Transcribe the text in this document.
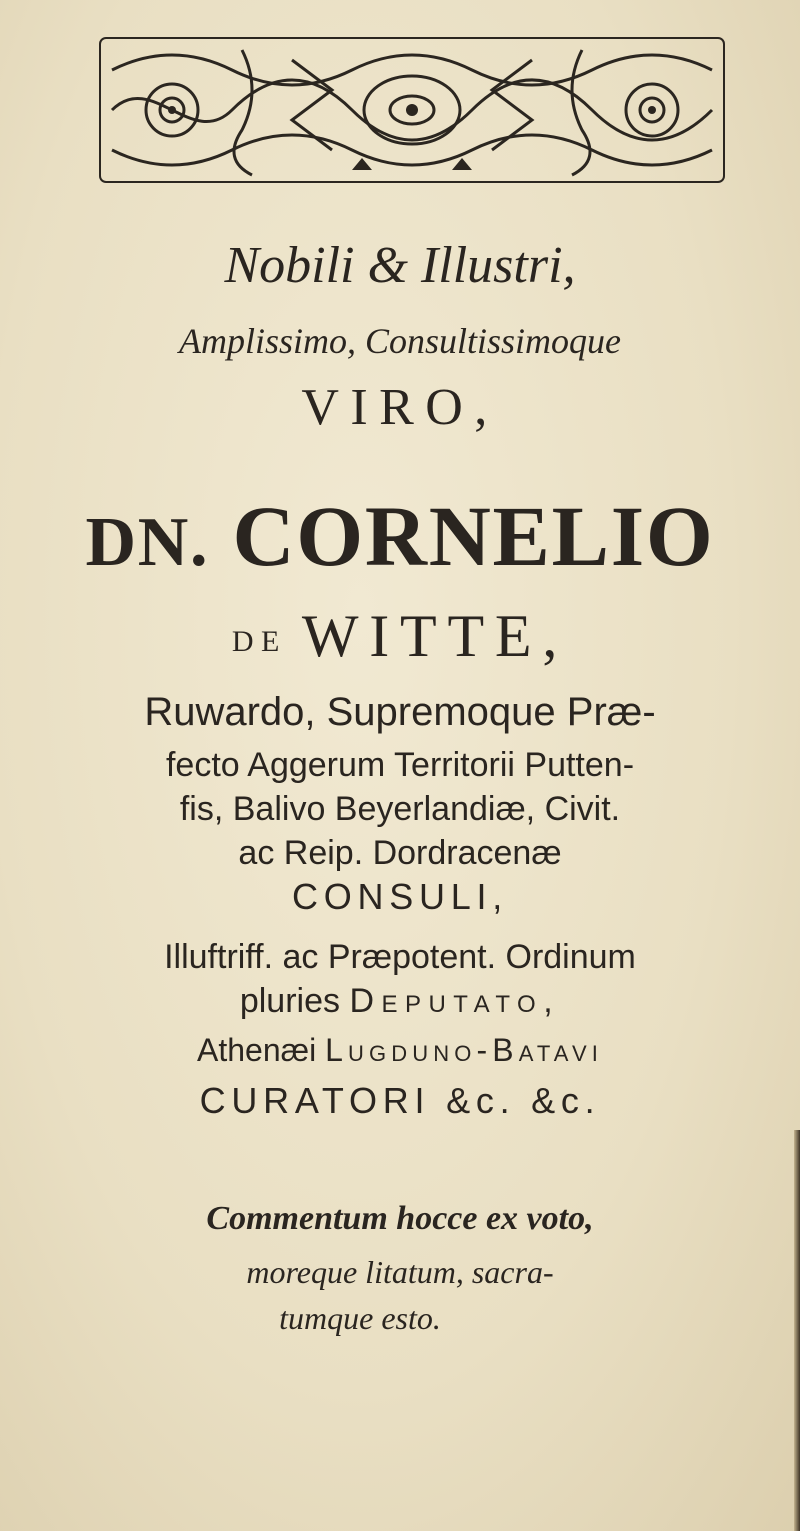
Nobili & Illustri,
Amplissimo, Consultissimoque
VIRO,
DN. CORNELIO
DE WITTE,
Ruwardo, Supremoque Præ-
fecto Aggerum Territorii Putten-
fis, Balivo Beyerlandiæ, Civit.
ac Reip. Dordracenæ
CONSULI,
Illuftriff. ac Præpotent. Ordinum
pluries Deputato,
Athenæi Lugduno-Batavi
CURATORI &c. &c.
Commentum hocce ex voto,
moreque litatum, sacra-
tumque esto.
